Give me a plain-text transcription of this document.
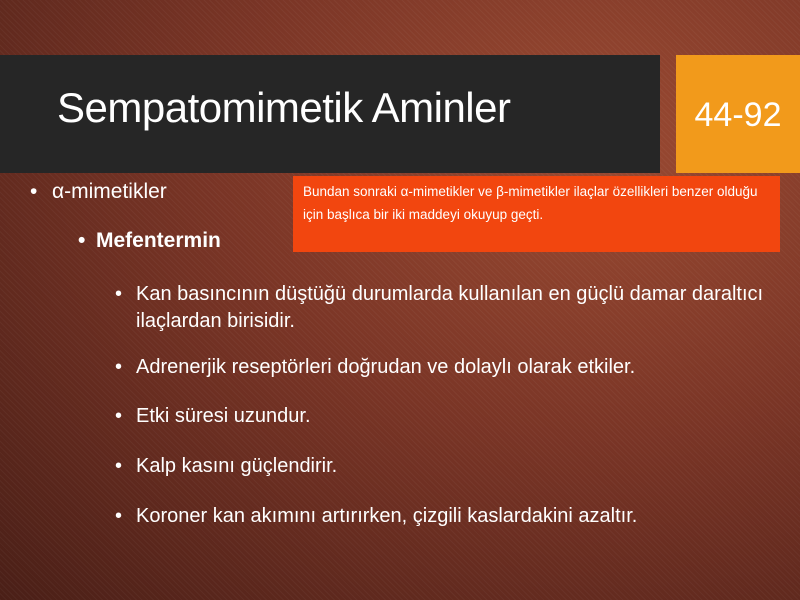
Sempatomimetik Aminler	44-92
Bundan sonraki α-mimetikler ve β-mimetikler ilaçlar özellikleri benzer olduğu için başlıca bir iki maddeyi okuyup geçti.
• α-mimetikler
• Mefentermin
• Kan basıncının düştüğü durumlarda kullanılan en güçlü damar daraltıcı ilaçlardan birisidir.
• Adrenerjik reseptörleri doğrudan ve dolaylı olarak etkiler.
• Etki süresi uzundur.
• Kalp kasını güçlendirir.
• Koroner kan akımını artırırken, çizgili kaslardakini azaltır.
